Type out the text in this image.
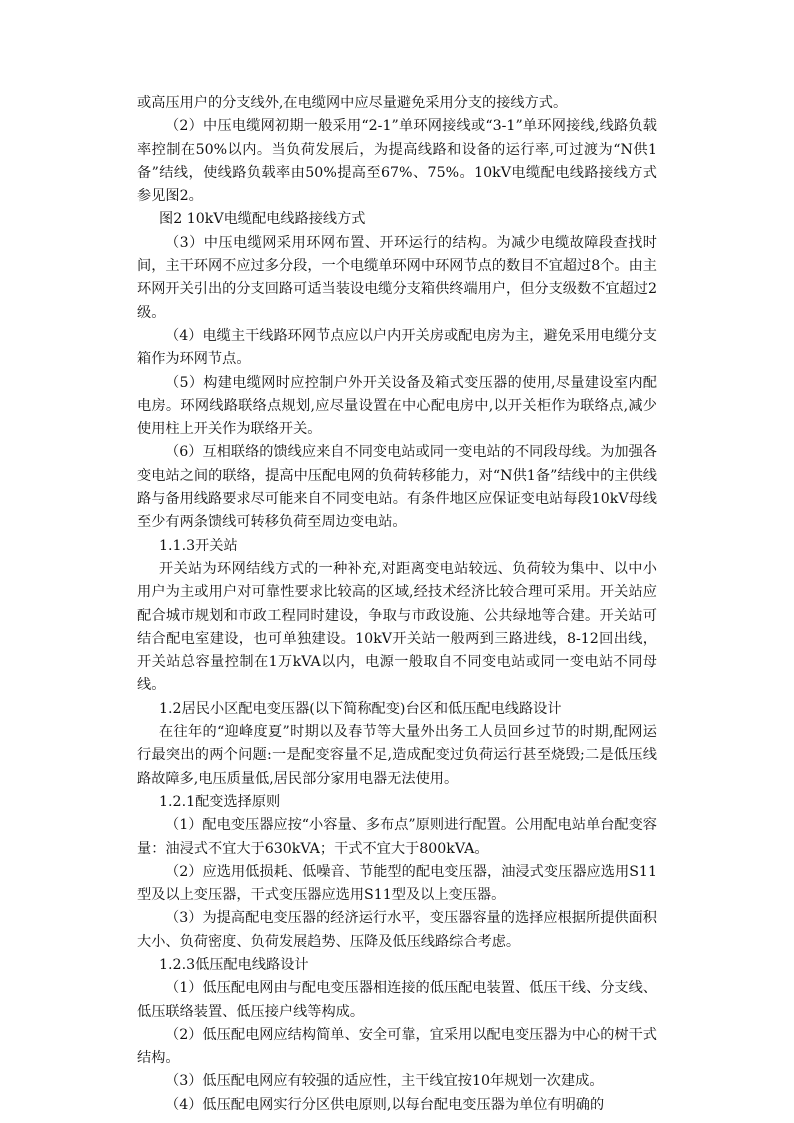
或高压用户的分支线外,在电缆网中应尽量避免采用分支的接线方式。

（2）中压电缆网初期一般采用“2-1”单环网接线或“3-1”单环网接线,线路负载率控制在50%以内。当负荷发展后，为提高线路和设备的运行率,可过渡为“N供1备”结线，使线路负载率由50%提高至67%、75%。10kV电缆配电线路接线方式参见图2。

图2 10kV电缆配电线路接线方式

（3）中压电缆网采用环网布置、开环运行的结构。为减少电缆故障段查找时间，主干环网不应过多分段，一个电缆单环网中环网节点的数目不宜超过8个。由主环网开关引出的分支回路可适当装设电缆分支箱供终端用户，但分支级数不宜超过2级。

（4）电缆主干线路环网节点应以户内开关房或配电房为主，避免采用电缆分支箱作为环网节点。

（5）构建电缆网时应控制户外开关设备及箱式变压器的使用,尽量建设室内配电房。环网线路联络点规划,应尽量设置在中心配电房中,以开关柜作为联络点,减少使用柱上开关作为联络开关。

（6）互相联络的馈线应来自不同变电站或同一变电站的不同段母线。为加强各变电站之间的联络，提高中压配电网的负荷转移能力，对“N供1备”结线中的主供线路与备用线路要求尽可能来自不同变电站。有条件地区应保证变电站每段10kV母线至少有两条馈线可转移负荷至周边变电站。

1.1.3开关站

开关站为环网结线方式的一种补充,对距离变电站较远、负荷较为集中、以中小用户为主或用户对可靠性要求比较高的区域,经技术经济比较合理可采用。开关站应配合城市规划和市政工程同时建设，争取与市政设施、公共绿地等合建。开关站可结合配电室建设，也可单独建设。10kV开关站一般两到三路进线，8-12回出线，开关站总容量控制在1万kVA以内，电源一般取自不同变电站或同一变电站不同母线。

1.2居民小区配电变压器(以下简称配变)台区和低压配电线路设计

在往年的“迎峰度夏”时期以及春节等大量外出务工人员回乡过节的时期,配网运行最突出的两个问题:一是配变容量不足,造成配变过负荷运行甚至烧毁;二是低压线路故障多,电压质量低,居民部分家用电器无法使用。

1.2.1配变选择原则

（1）配电变压器应按“小容量、多布点”原则进行配置。公用配电站单台配变容量：油浸式不宜大于630kVA；干式不宜大于800kVA。

（2）应选用低损耗、低噪音、节能型的配电变压器，油浸式变压器应选用S11型及以上变压器，干式变压器应选用S11型及以上变压器。

（3）为提高配电变压器的经济运行水平，变压器容量的选择应根据所提供面积大小、负荷密度、负荷发展趋势、压降及低压线路综合考虑。

1.2.3低压配电线路设计

（1）低压配电网由与配电变压器相连接的低压配电装置、低压干线、分支线、低压联络装置、低压接户线等构成。

（2）低压配电网应结构简单、安全可靠，宜采用以配电变压器为中心的树干式结构。

（3）低压配电网应有较强的适应性，主干线宜按10年规划一次建成。

（4）低压配电网实行分区供电原则,以每台配电变压器为单位有明确的
